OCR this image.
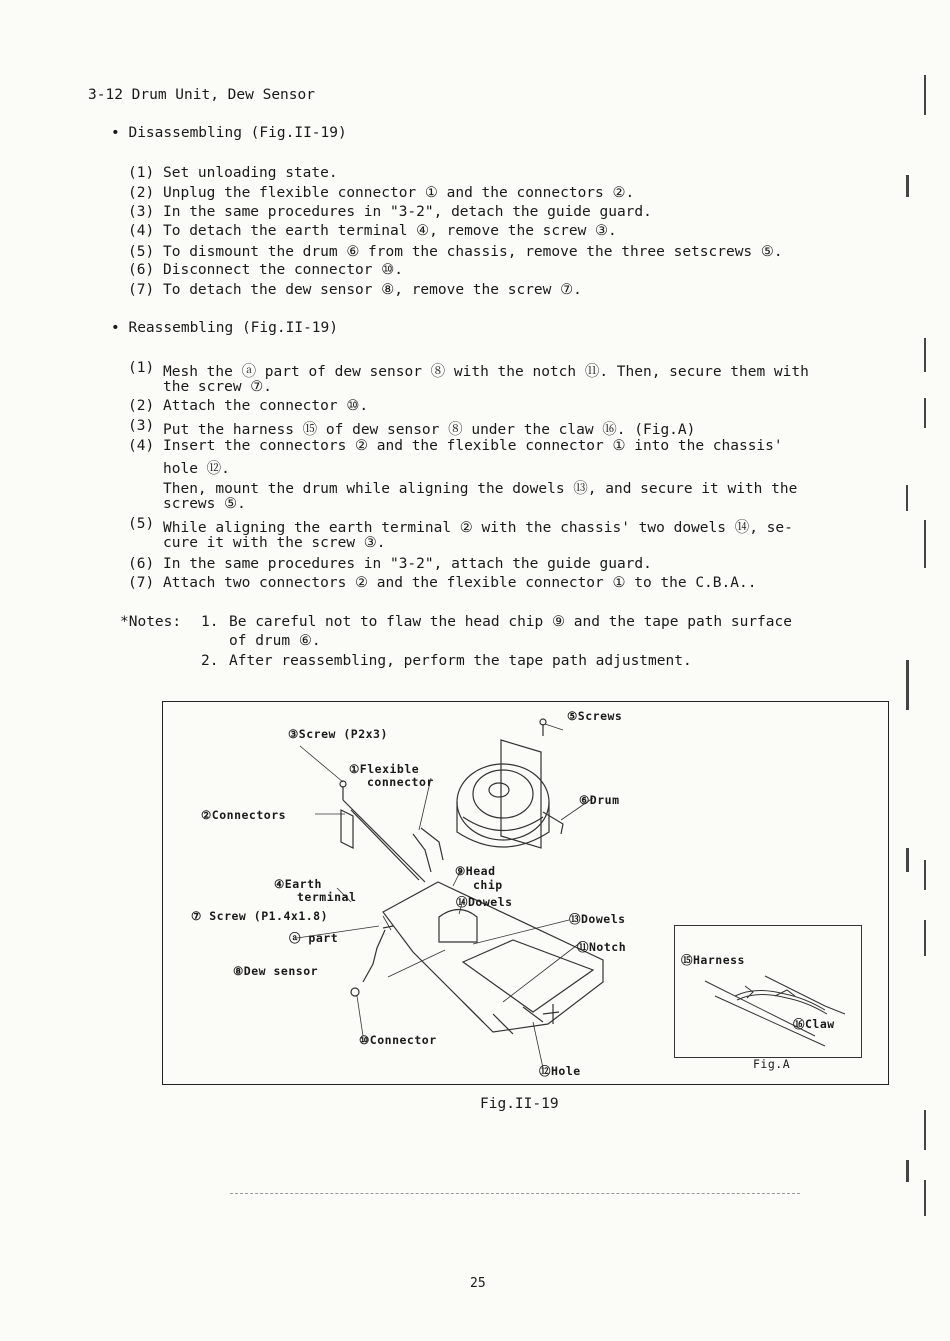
3-12 Drum Unit, Dew Sensor
• Disassembling (Fig.II-19)
(1) Set unloading state.
(2) Unplug the flexible connector ① and the connectors ②.
(3) In the same procedures in "3-2", detach the guide guard.
(4) To detach the earth terminal ④, remove the screw ③.
(5) To dismount the drum ⑥ from the chassis, remove the three setscrews ⑤.
(6) Disconnect the connector ⑩.
(7) To detach the dew sensor ⑧, remove the screw ⑦.
• Reassembling (Fig.II-19)
(1) Mesh the ⓐ part of dew sensor ⑧ with the notch ⑪. Then, secure them with
the screw ⑦.
(2) Attach the connector ⑩.
(3) Put the harness ⑮ of dew sensor ⑧ under the claw ⑯. (Fig.A)
(4) Insert the connectors ② and the flexible connector ① into the chassis'
hole ⑫.
Then, mount the drum while aligning the dowels ⑬, and secure it with the
screws ⑤.
(5) While aligning the earth terminal ② with the chassis' two dowels ⑭, se-
cure it with the screw ③.
(6) In the same procedures in "3-2", attach the guide guard.
(7) Attach two connectors ② and the flexible connector ① to the C.B.A..
*Notes: 1. Be careful not to flaw the head chip ⑨ and the tape path surface
of drum ⑥.
2. After reassembling, perform the tape path adjustment.
⑤Screws
③Screw (P2x3)
①Flexible
connector
⑥Drum
②Connectors
④Earth
terminal
⑨Head
chip
⑭Dowels
⑬Dowels
⑦ Screw (P1.4x1.8)
ⓐ part
⑪Notch
⑧Dew sensor
⑩Connector
⑫Hole
⑮Harness
⑯Claw
Fig.A
Fig.II-19
25
